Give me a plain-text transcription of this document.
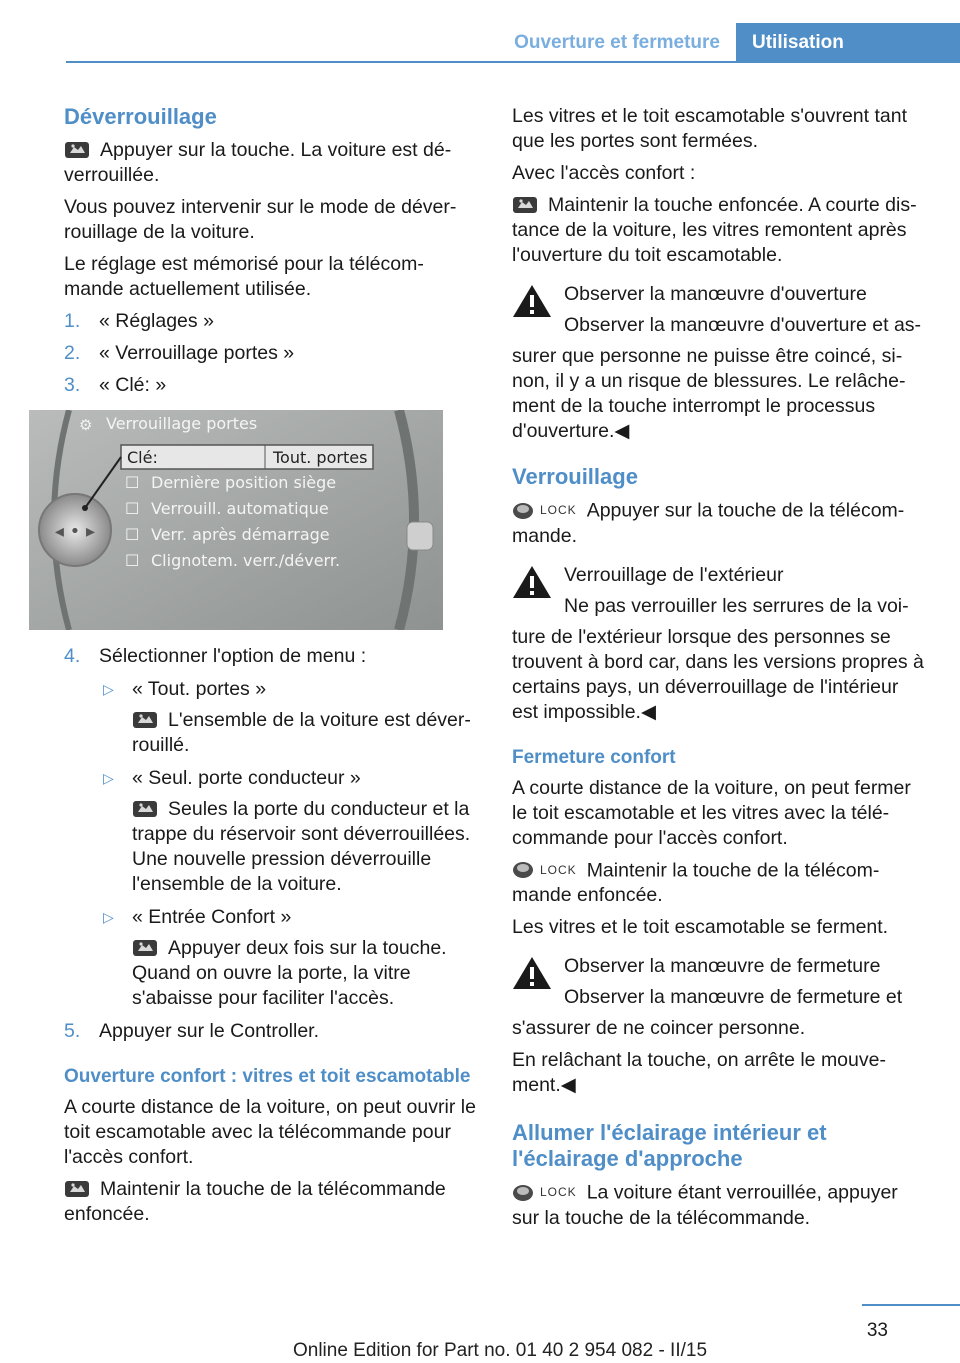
Ouverture et fermeture	Utilisation
Déverrouillage

Appuyer sur la touche. La voiture est dé‐verrouillée.

Vous pouvez intervenir sur le mode de déver‐rouillage de la voiture.

Le réglage est mémorisé pour la télécom‐mande actuellement utilisée.

1. « Réglages »
2. « Verrouillage portes »
3. « Clé: »
◂ • ▸
⚙ Verrouillage portes
Clé:	Tout. portes
☐ Dernière position siège
☐ Verrouill. automatique
☐ Verr. après démarrage
☐ Clignotem. verr./déverr.
4. Sélectionner l'option de menu :
▷ « Tout. portes »

L'ensemble de la voiture est déver‐rouillé.

▷ « Seul. porte conducteur »

Seules la porte du conducteur et la trappe du réservoir sont déverrouillées. Une nouvelle pression déverrouille l'ensemble de la voiture.

▷ « Entrée Confort »

Appuyer deux fois sur la touche. Quand on ouvre la porte, la vitre s'abaisse pour faciliter l'accès.

5. Appuyer sur le Controller.
Ouverture confort : vitres et toit escamotable

A courte distance de la voiture, on peut ouvrir le toit escamotable avec la télécommande pour l'accès confort.

Maintenir la touche de la télécommande enfoncée.

Les vitres et le toit escamotable s'ouvrent tant que les portes sont fermées.

Avec l'accès confort :

Maintenir la touche enfoncée. A courte dis‐tance de la voiture, les vitres remontent après l'ouverture du toit escamotable.

Observer la manœuvre d'ouverture

Observer la manœuvre d'ouverture et as‐

surer que personne ne puisse être coincé, si‐non, il y a un risque de blessures. Le relâche‐ment de la touche interrompt le processus d'ouverture.◀

Verrouillage

LOCK Appuyer sur la touche de la télécom‐mande.

Verrouillage de l'extérieur

Ne pas verrouiller les serrures de la voi‐

ture de l'extérieur lorsque des personnes se trouvent à bord car, dans les versions propres à certains pays, un déverrouillage de l'intérieur est impossible.◀

Fermeture confort

A courte distance de la voiture, on peut fermer le toit escamotable et les vitres avec la télé‐commande pour l'accès confort.

LOCK Maintenir la touche de la télécom‐mande enfoncée.

Les vitres et le toit escamotable se ferment.

Observer la manœuvre de fermeture

Observer la manœuvre de fermeture et

s'assurer de ne coincer personne.

En relâchant la touche, on arrête le mouve‐ment.◀

Allumer l'éclairage intérieur et l'éclairage d'approche

LOCK La voiture étant verrouillée, appuyer sur la touche de la télécommande.

33
Online Edition for Part no. 01 40 2 954 082 - II/15
